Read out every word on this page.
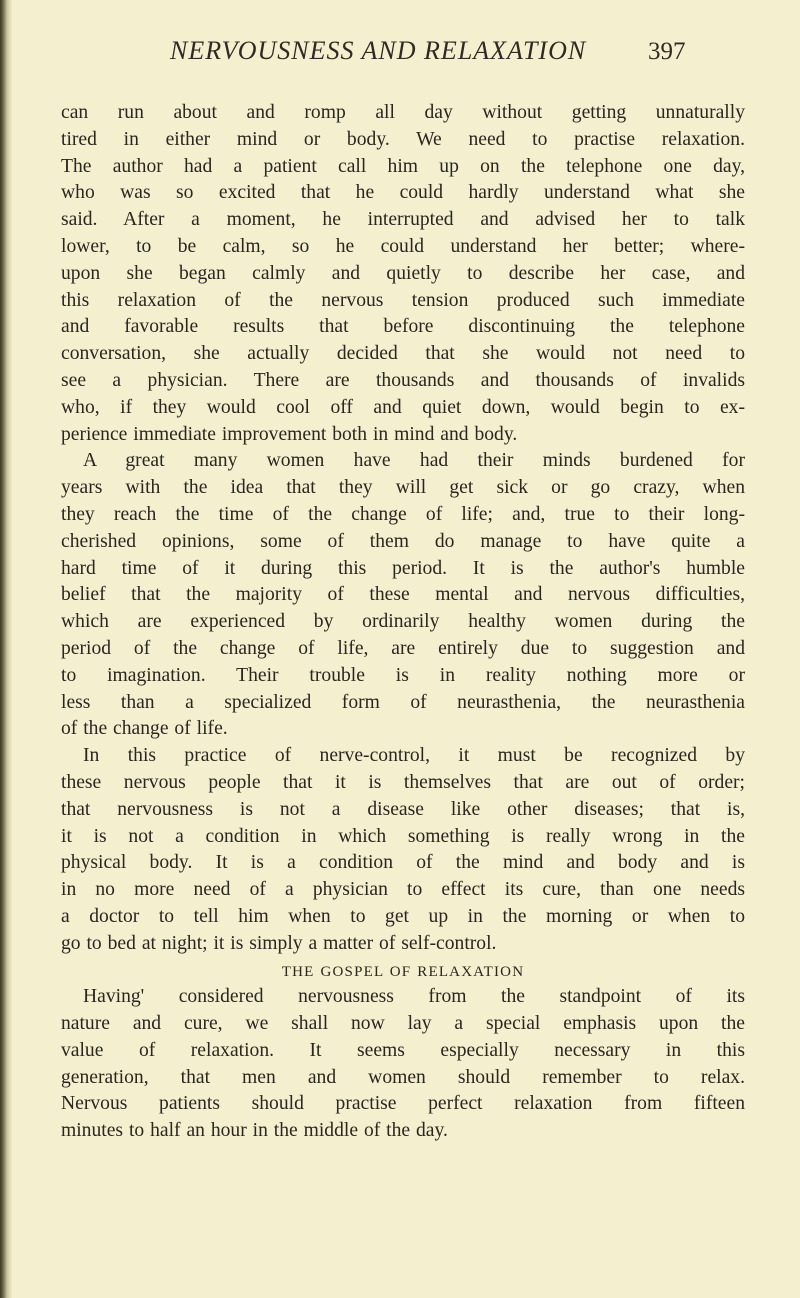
NERVOUSNESS AND RELAXATION 397
can run about and romp all day without getting unnaturally
tired in either mind or body. We need to practise relaxation.
The author had a patient call him up on the telephone one day,
who was so excited that he could hardly understand what she
said. After a moment, he interrupted and advised her to talk
lower, to be calm, so he could understand her better; where-
upon she began calmly and quietly to describe her case, and
this relaxation of the nervous tension produced such immediate
and favorable results that before discontinuing the telephone
conversation, she actually decided that she would not need to
see a physician. There are thousands and thousands of invalids
who, if they would cool off and quiet down, would begin to ex-
perience immediate improvement both in mind and body.
A great many women have had their minds burdened for
years with the idea that they will get sick or go crazy, when
they reach the time of the change of life; and, true to their long-
cherished opinions, some of them do manage to have quite a
hard time of it during this period. It is the author's humble
belief that the majority of these mental and nervous difficulties,
which are experienced by ordinarily healthy women during the
period of the change of life, are entirely due to suggestion and
to imagination. Their trouble is in reality nothing more or
less than a specialized form of neurasthenia, the neurasthenia
of the change of life.
In this practice of nerve-control, it must be recognized by
these nervous people that it is themselves that are out of order;
that nervousness is not a disease like other diseases; that is,
it is not a condition in which something is really wrong in the
physical body. It is a condition of the mind and body and is
in no more need of a physician to effect its cure, than one needs
a doctor to tell him when to get up in the morning or when to
go to bed at night; it is simply a matter of self-control.
THE GOSPEL OF RELAXATION
Having' considered nervousness from the standpoint of its
nature and cure, we shall now lay a special emphasis upon the
value of relaxation. It seems especially necessary in this
generation, that men and women should remember to relax.
Nervous patients should practise perfect relaxation from fifteen
minutes to half an hour in the middle of the day.
